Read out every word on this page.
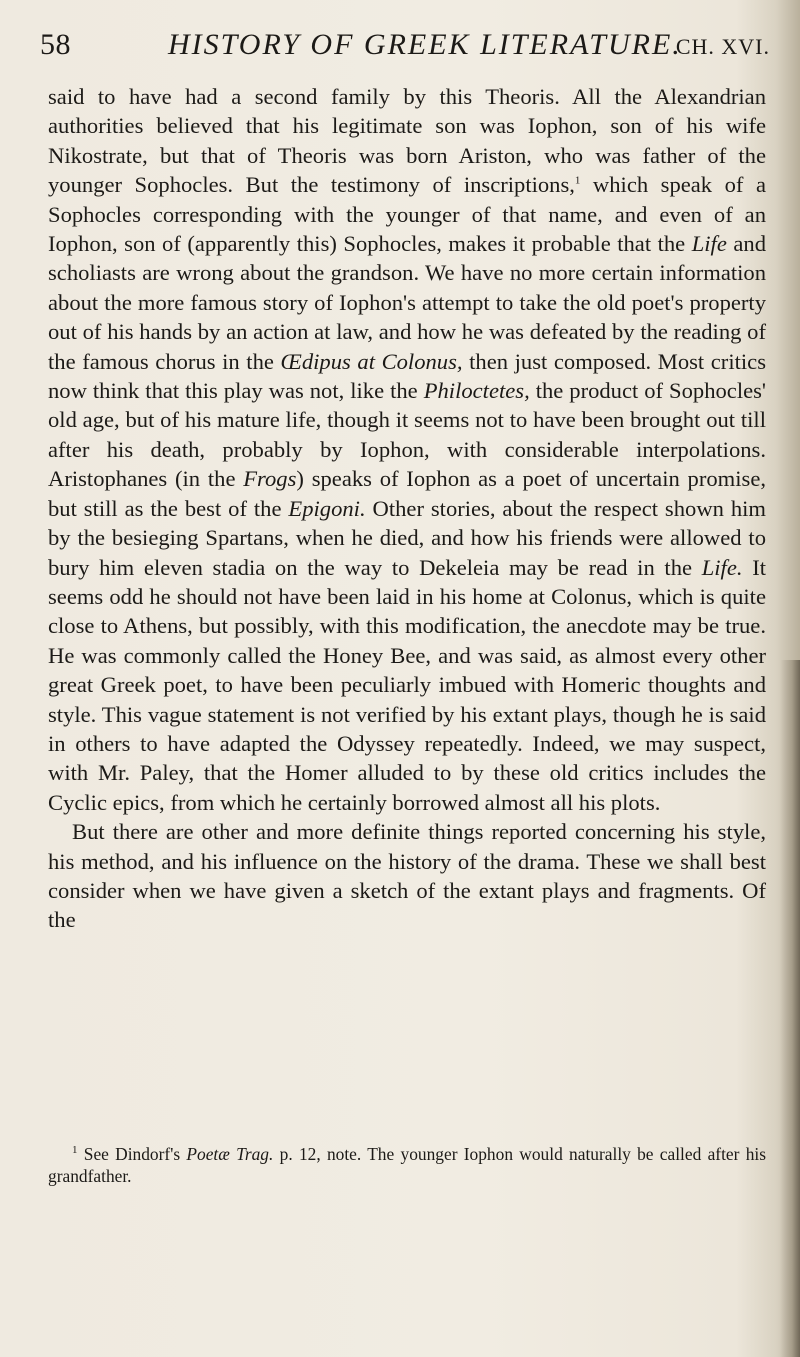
58	HISTORY OF GREEK LITERATURE.
CH. XVI.

said to have had a second family by this Theoris. All the Alexandrian authorities believed that his legitimate son was Iophon, son of his wife Nikostrate, but that of Theoris was born Ariston, who was father of the younger Sophocles. But the testimony of inscriptions,$^1$ which speak of a Sophocles corresponding with the younger of that name, and even of an Iophon, son of (apparently this) Sophocles, makes it probable that the Life and scholiasts are wrong about the grandson. We have no more certain information about the more famous story of Iophon's attempt to take the old poet's property out of his hands by an action at law, and how he was defeated by the reading of the famous chorus in the Œdipus at Colonus, then just composed. Most critics now think that this play was not, like the Philoctetes, the product of Sophocles' old age, but of his mature life, though it seems not to have been brought out till after his death, probably by Iophon, with considerable interpolations. Aristophanes (in the Frogs) speaks of Iophon as a poet of uncertain promise, but still as the best of the Epigoni. Other stories, about the respect shown him by the besieging Spartans, when he died, and how his friends were allowed to bury him eleven stadia on the way to Dekeleia may be read in the Life. It seems odd he should not have been laid in his home at Colonus, which is quite close to Athens, but possibly, with this modification, the anecdote may be true. He was commonly called the Honey Bee, and was said, as almost every other great Greek poet, to have been peculiarly imbued with Homeric thoughts and style. This vague statement is not verified by his extant plays, though he is said in others to have adapted the Odyssey repeatedly. Indeed, we may suspect, with Mr. Paley, that the Homer alluded to by these old critics includes the Cyclic epics, from which he certainly borrowed almost all his plots.

But there are other and more definite things reported concerning his style, his method, and his influence on the history of the drama. These we shall best consider when we have given a sketch of the extant plays and fragments. Of the

$^1$ See Dindorf's Poetæ Trag. p. 12, note. The younger Iophon would naturally be called after his grandfather.
